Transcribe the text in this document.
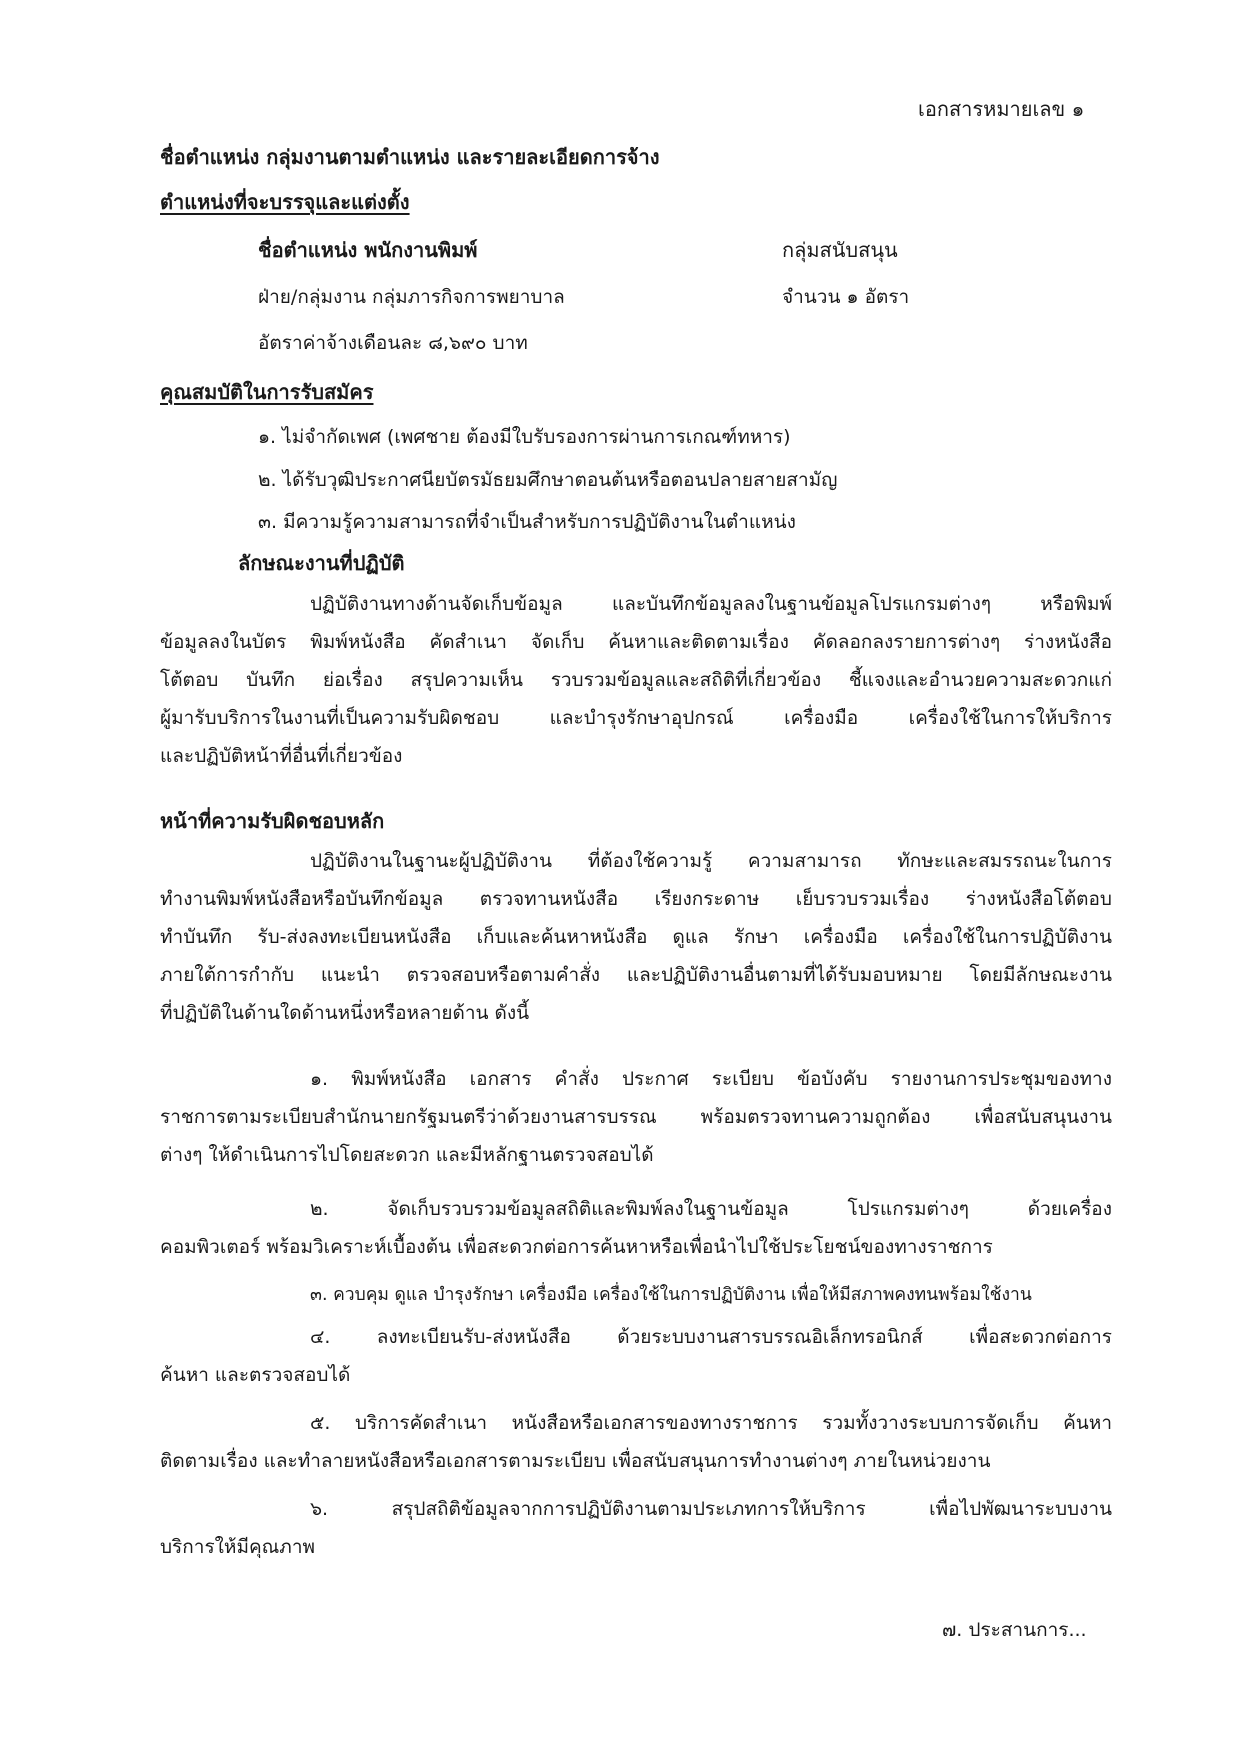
เอกสารหมายเลข ๑
ชื่อตำแหน่ง กลุ่มงานตามตำแหน่ง และรายละเอียดการจ้าง
ตำแหน่งที่จะบรรจุและแต่งตั้ง
ชื่อตำแหน่ง พนักงานพิมพ์	กลุ่มสนับสนุน
ฝ่าย/กลุ่มงาน กลุ่มภารกิจการพยาบาล	จำนวน ๑ อัตรา
อัตราค่าจ้างเดือนละ ๘,๖๙๐ บาท
คุณสมบัติในการรับสมัคร
๑. ไม่จำกัดเพศ (เพศชาย ต้องมีใบรับรองการผ่านการเกณฑ์ทหาร)
๒. ได้รับวุฒิประกาศนียบัตรมัธยมศึกษาตอนต้นหรือตอนปลายสายสามัญ
๓. มีความรู้ความสามารถที่จำเป็นสำหรับการปฏิบัติงานในตำแหน่ง
ลักษณะงานที่ปฏิบัติ
ปฏิบัติงานทางด้านจัดเก็บข้อมูล และบันทึกข้อมูลลงในฐานข้อมูลโปรแกรมต่างๆ หรือพิมพ์
ข้อมูลลงในบัตร พิมพ์หนังสือ คัดสำเนา จัดเก็บ ค้นหาและติดตามเรื่อง คัดลอกลงรายการต่างๆ ร่างหนังสือ
โต้ตอบ บันทึก ย่อเรื่อง สรุปความเห็น รวบรวมข้อมูลและสถิติที่เกี่ยวข้อง ชี้แจงและอำนวยความสะดวกแก่
ผู้มารับบริการในงานที่เป็นความรับผิดชอบ และบำรุงรักษาอุปกรณ์ เครื่องมือ เครื่องใช้ในการให้บริการ
และปฏิบัติหน้าที่อื่นที่เกี่ยวข้อง
หน้าที่ความรับผิดชอบหลัก
ปฏิบัติงานในฐานะผู้ปฏิบัติงาน ที่ต้องใช้ความรู้ ความสามารถ ทักษะและสมรรถนะในการ
ทำงานพิมพ์หนังสือหรือบันทึกข้อมูล ตรวจทานหนังสือ เรียงกระดาษ เย็บรวบรวมเรื่อง ร่างหนังสือโต้ตอบ
ทำบันทึก รับ-ส่งลงทะเบียนหนังสือ เก็บและค้นหาหนังสือ ดูแล รักษา เครื่องมือ เครื่องใช้ในการปฏิบัติงาน
ภายใต้การกำกับ แนะนำ ตรวจสอบหรือตามคำสั่ง และปฏิบัติงานอื่นตามที่ได้รับมอบหมาย โดยมีลักษณะงาน
ที่ปฏิบัติในด้านใดด้านหนึ่งหรือหลายด้าน ดังนี้
๑. พิมพ์หนังสือ เอกสาร คำสั่ง ประกาศ ระเบียบ ข้อบังคับ รายงานการประชุมของทาง
ราชการตามระเบียบสำนักนายกรัฐมนตรีว่าด้วยงานสารบรรณ พร้อมตรวจทานความถูกต้อง เพื่อสนับสนุนงาน
ต่างๆ ให้ดำเนินการไปโดยสะดวก และมีหลักฐานตรวจสอบได้
๒. จัดเก็บรวบรวมข้อมูลสถิติและพิมพ์ลงในฐานข้อมูล โปรแกรมต่างๆ ด้วยเครื่อง
คอมพิวเตอร์ พร้อมวิเคราะห์เบื้องต้น เพื่อสะดวกต่อการค้นหาหรือเพื่อนำไปใช้ประโยชน์ของทางราชการ
๓. ควบคุม ดูแล บำรุงรักษา เครื่องมือ เครื่องใช้ในการปฏิบัติงาน เพื่อให้มีสภาพคงทนพร้อมใช้งาน
๔. ลงทะเบียนรับ-ส่งหนังสือ ด้วยระบบงานสารบรรณอิเล็กทรอนิกส์ เพื่อสะดวกต่อการ
ค้นหา และตรวจสอบได้
๕. บริการคัดสำเนา หนังสือหรือเอกสารของทางราชการ รวมทั้งวางระบบการจัดเก็บ ค้นหา
ติดตามเรื่อง และทำลายหนังสือหรือเอกสารตามระเบียบ เพื่อสนับสนุนการทำงานต่างๆ ภายในหน่วยงาน
๖. สรุปสถิติข้อมูลจากการปฏิบัติงานตามประเภทการให้บริการ เพื่อไปพัฒนาระบบงาน
บริการให้มีคุณภาพ
๗. ประสานการ...
